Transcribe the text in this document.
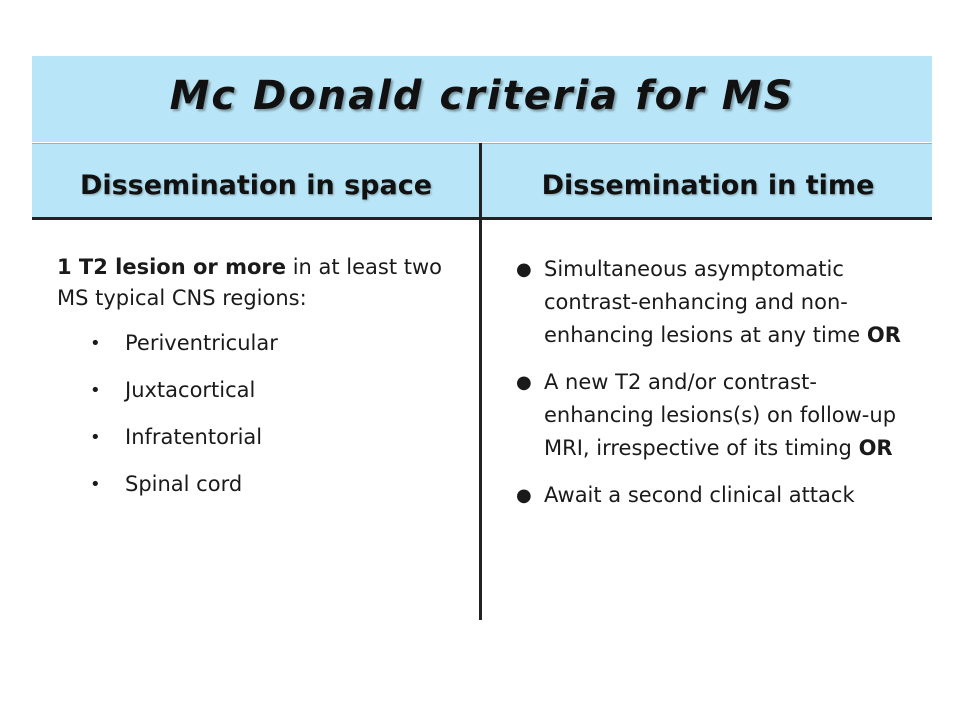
Mc Donald criteria for MS
Dissemination in space	Dissemination in time
1 T2 lesion or more in at least two MS typical CNS regions:
• Periventricular
• Juxtacortical
• Infratentorial
• Spinal cord
● Simultaneous asymptomatic contrast-enhancing and non-enhancing lesions at any time OR
● A new T2 and/or contrast-enhancing lesions(s) on follow-up MRI, irrespective of its timing OR
● Await a second clinical attack
